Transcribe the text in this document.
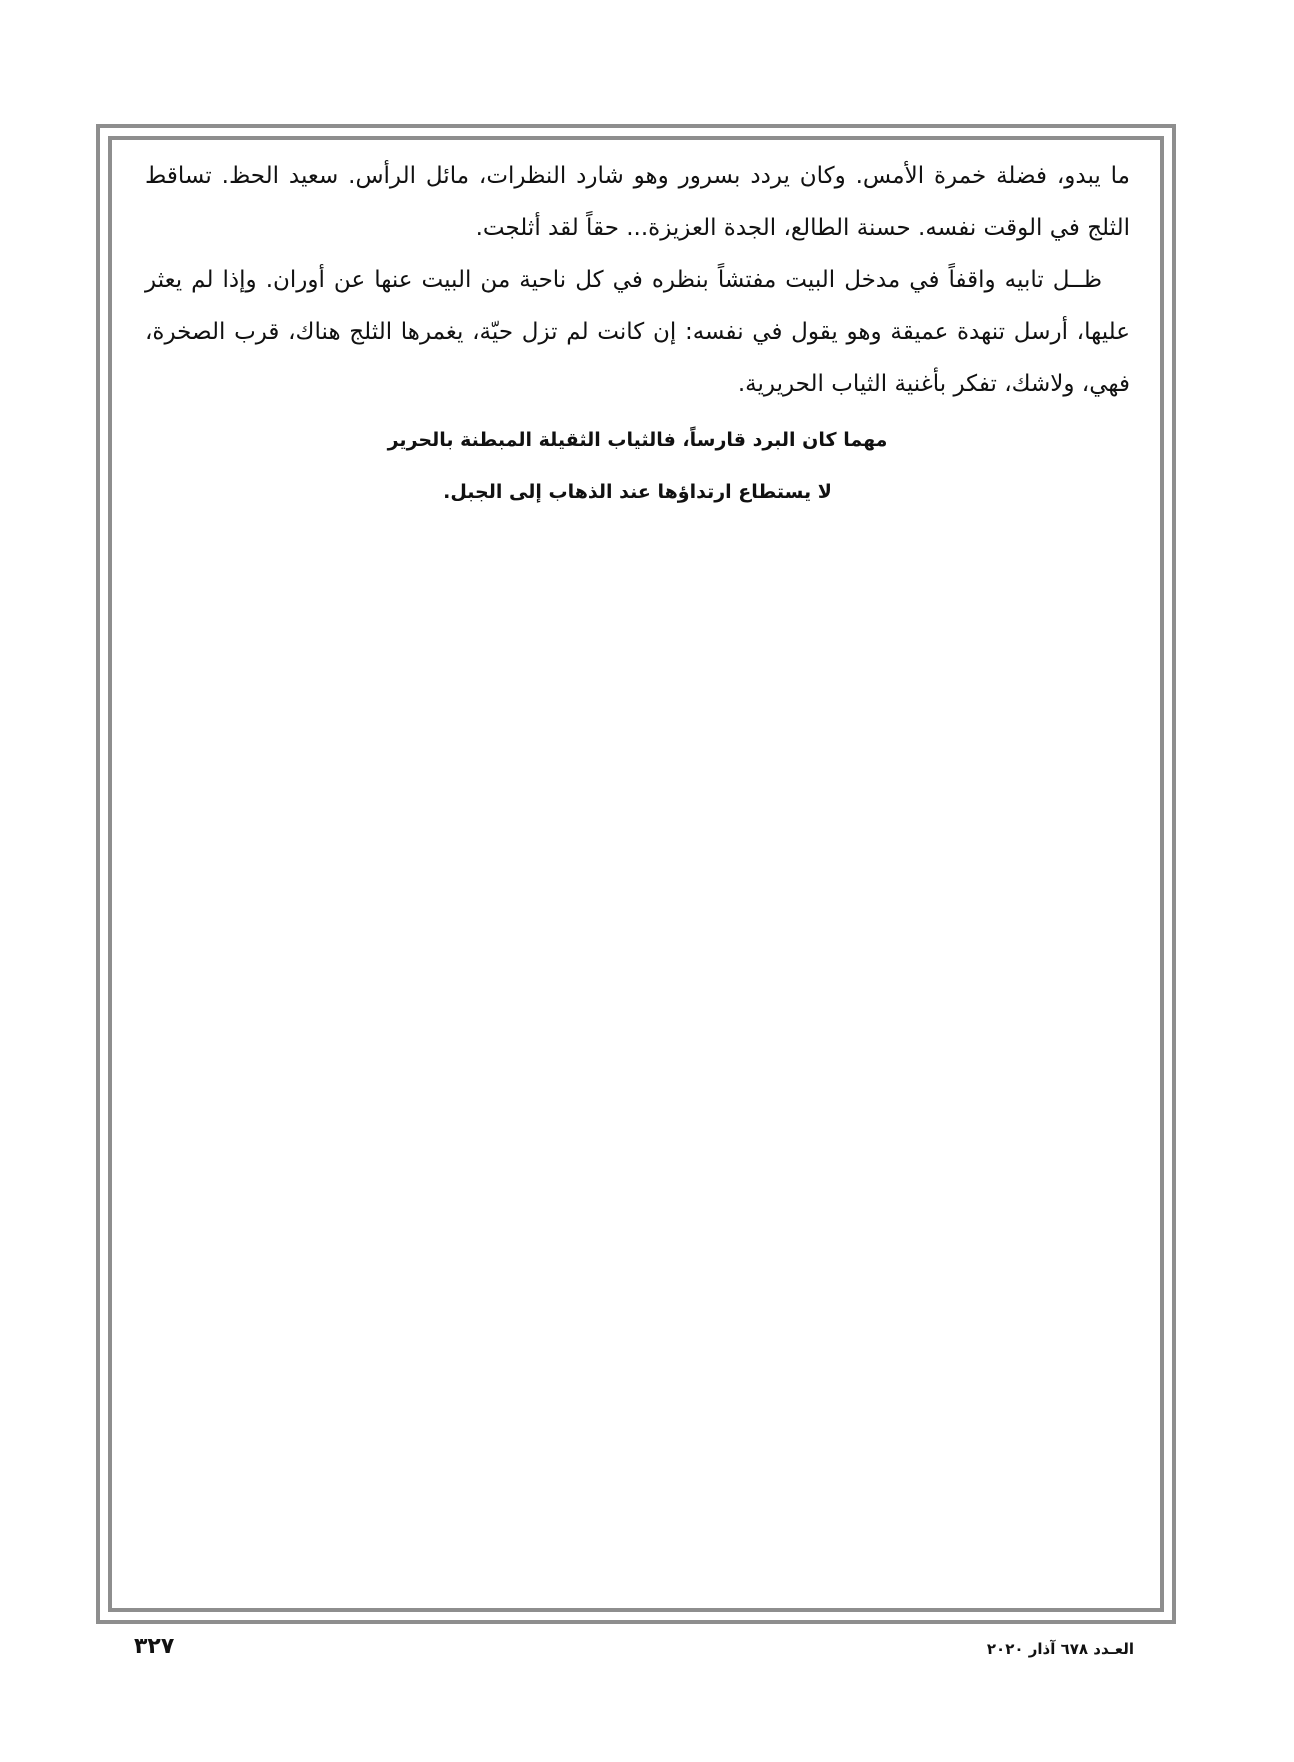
ما يبدو، فضلة خمرة الأمس. وكان يردد بسرور وهو شارد النظرات، مائل الرأس. سعيد الحظ. تساقط الثلج في الوقت نفسه. حسنة الطالع، الجدة العزيزة... حقاً لقد أثلجت.

ظــل تابيه واقفاً في مدخل البيت مفتشاً بنظره في كل ناحية من البيت عنها عن أوران. وإذا لم يعثر عليها، أرسل تنهدة عميقة وهو يقول في نفسه: إن كانت لم تزل حيّة، يغمرها الثلج هناك، قرب الصخرة، فهي، ولاشك، تفكر بأغنية الثياب الحريرية.

مهما كان البرد قارساً، فالثياب الثقيلة المبطنة بالحرير

لا يستطاع ارتداؤها عند الذهاب إلى الجبل.

العـدد ٦٧٨ آذار ٢٠٢٠
٣٢٧
